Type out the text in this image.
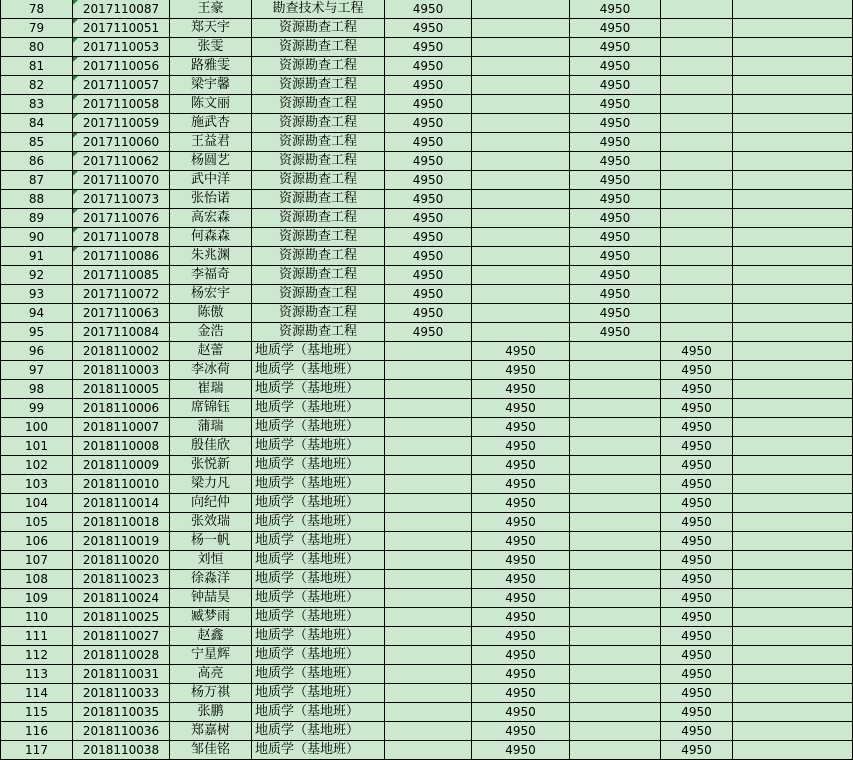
78	2017110087	王豪	勘查技术与工程	4950		4950		
79	2017110051	郑天宇	资源勘查工程	4950		4950		
80	2017110053	张雯	资源勘查工程	4950		4950		
81	2017110056	路雅雯	资源勘查工程	4950		4950		
82	2017110057	梁宇馨	资源勘查工程	4950		4950		
83	2017110058	陈文丽	资源勘查工程	4950		4950		
84	2017110059	施武杏	资源勘查工程	4950		4950		
85	2017110060	王益君	资源勘查工程	4950		4950		
86	2017110062	杨圆艺	资源勘查工程	4950		4950		
87	2017110070	武中洋	资源勘查工程	4950		4950		
88	2017110073	张怡诺	资源勘查工程	4950		4950		
89	2017110076	高宏森	资源勘查工程	4950		4950		
90	2017110078	何森森	资源勘查工程	4950		4950		
91	2017110086	朱兆渊	资源勘查工程	4950		4950		
92	2017110085	李福奇	资源勘查工程	4950		4950		
93	2017110072	杨宏宇	资源勘查工程	4950		4950		
94	2017110063	陈傲	资源勘查工程	4950		4950		
95	2017110084	金浩	资源勘查工程	4950		4950		
96	2018110002	赵蕾	地质学（基地班）		4950		4950	
97	2018110003	李冰荷	地质学（基地班）		4950		4950	
98	2018110005	崔瑞	地质学（基地班）		4950		4950	
99	2018110006	席锦钰	地质学（基地班）		4950		4950	
100	2018110007	蒲瑞	地质学（基地班）		4950		4950	
101	2018110008	殷佳欣	地质学（基地班）		4950		4950	
102	2018110009	张悦新	地质学（基地班）		4950		4950	
103	2018110010	梁力凡	地质学（基地班）		4950		4950	
104	2018110014	向纪仲	地质学（基地班）		4950		4950	
105	2018110018	张效瑞	地质学（基地班）		4950		4950	
106	2018110019	杨一帆	地质学（基地班）		4950		4950	
107	2018110020	刘恒	地质学（基地班）		4950		4950	
108	2018110023	徐淼洋	地质学（基地班）		4950		4950	
109	2018110024	钟喆昊	地质学（基地班）		4950		4950	
110	2018110025	臧梦雨	地质学（基地班）		4950		4950	
111	2018110027	赵鑫	地质学（基地班）		4950		4950	
112	2018110028	宁星辉	地质学（基地班）		4950		4950	
113	2018110031	高亮	地质学（基地班）		4950		4950	
114	2018110033	杨万祺	地质学（基地班）		4950		4950	
115	2018110035	张鹏	地质学（基地班）		4950		4950	
116	2018110036	郑嘉树	地质学（基地班）		4950		4950	
117	2018110038	邹佳铭	地质学（基地班）		4950		4950	
